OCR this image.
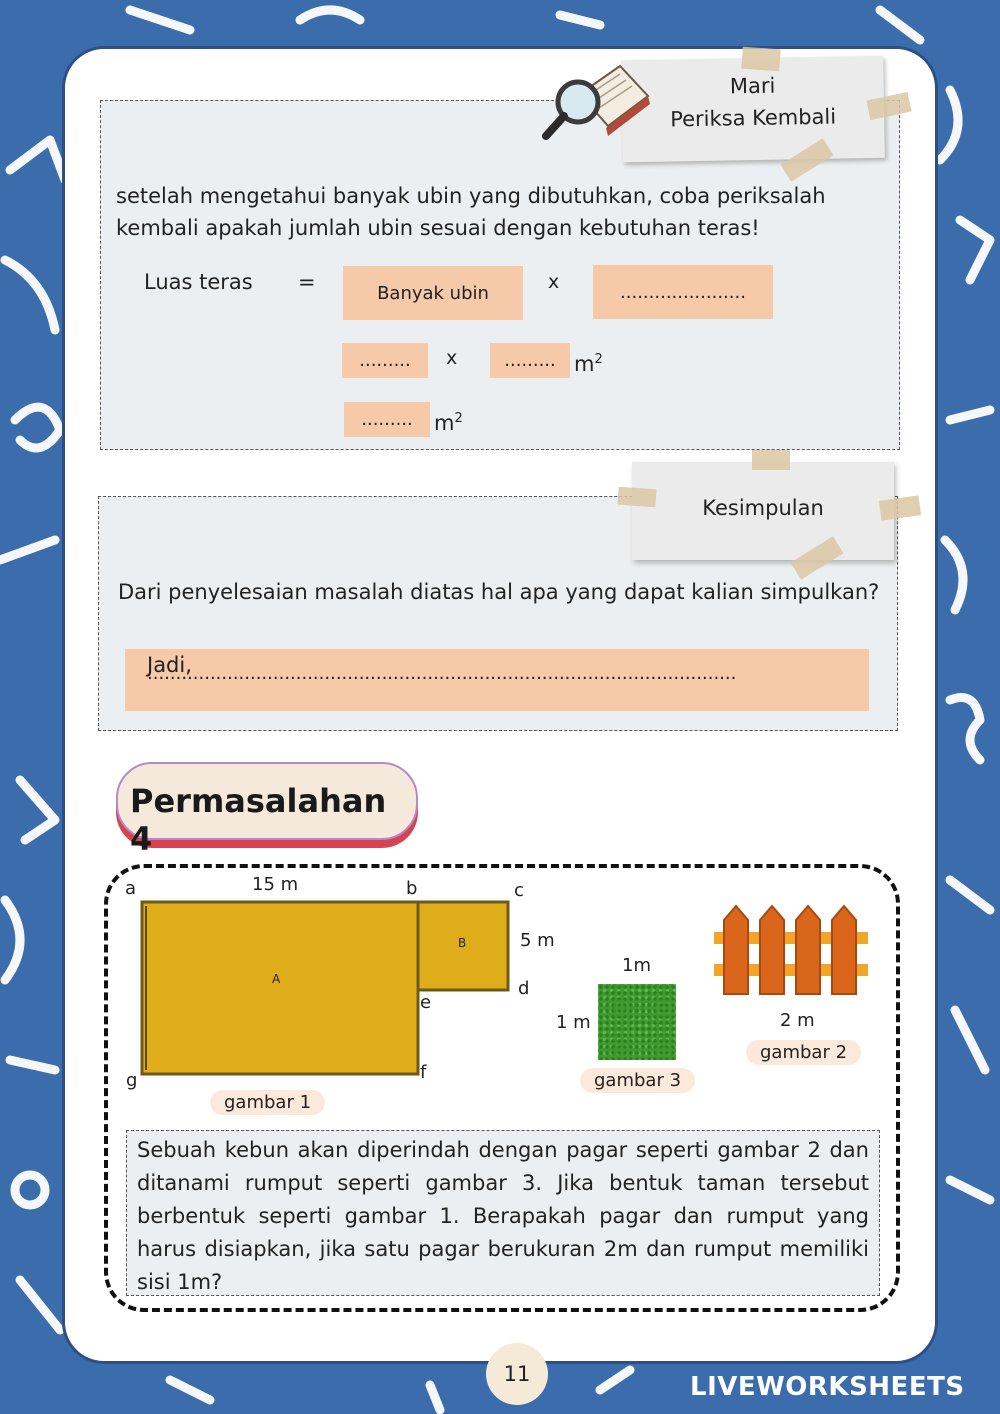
Mari
Periksa Kembali
setelah mengetahui banyak ubin yang dibutuhkan, coba periksalah kembali apakah jumlah ubin sesuai dengan kebutuhan teras!
Luas teras =	Banyak ubin	x	......................
.........	x	......... $m^2$
.........	$m^2$
Kesimpulan
Dari penyelesaian masalah diatas hal apa yang dapat kalian simpulkan?
Jadi,
Permasalahan 4
a	b	c
d
e
f
g
15 m
5 m
A
B
gambar 1
1m
1 m
gambar 3
2 m
gambar 2
Sebuah kebun akan diperindah dengan pagar seperti gambar 2 dan ditanami rumput seperti gambar 3. Jika bentuk taman tersebut berbentuk seperti gambar 1. Berapakah pagar dan rumput yang harus disiapkan, jika satu pagar berukuran 2m dan rumput memiliki sisi 1m?
11	LIVEWORKSHEETS
